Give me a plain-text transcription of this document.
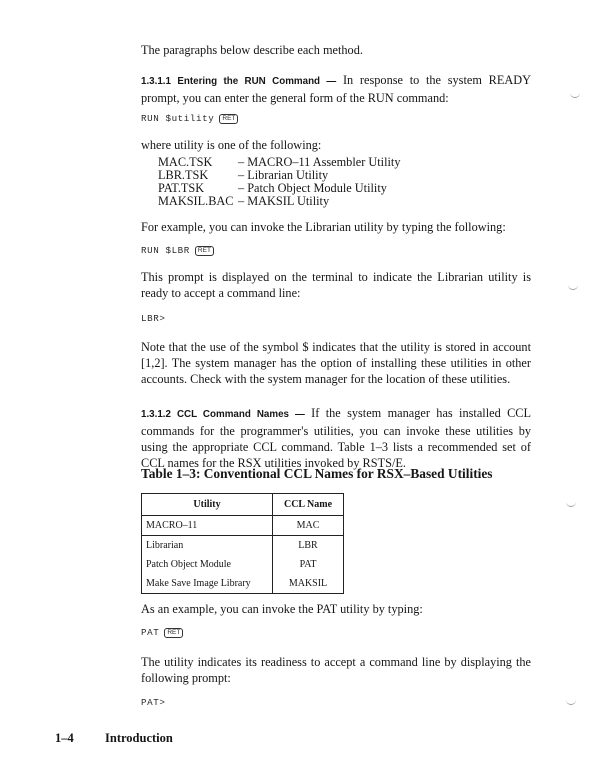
The paragraphs below describe each method.
1.3.1.1 Entering the RUN Command — In response to the system READY prompt, you can enter the general form of the RUN command:
RUN $utility RET
where utility is one of the following:
MAC.TSK	– MACRO–11 Assembler Utility
LBR.TSK	– Librarian Utility
PAT.TSK	– Patch Object Module Utility
MAKSIL.BAC – MAKSIL Utility
For example, you can invoke the Librarian utility by typing the following:
RUN $LBR RET
This prompt is displayed on the terminal to indicate the Librarian utility is ready to accept a command line:
LBR>
Note that the use of the symbol $ indicates that the utility is stored in account [1,2]. The system manager has the option of installing these utilities in other accounts. Check with the system manager for the location of these utilities.
1.3.1.2 CCL Command Names — If the system manager has installed CCL commands for the programmer's utilities, you can invoke these utilities by using the appropriate CCL command. Table 1–3 lists a recommended set of CCL names for the RSX utilities invoked by RSTS/E.
Table 1–3: Conventional CCL Names for RSX–Based Utilities
Utility	CCL Name
MACRO–11	MAC
Librarian	LBR
Patch Object Module	PAT
Make Save Image Library	MAKSIL
As an example, you can invoke the PAT utility by typing:
PAT RET
The utility indicates its readiness to accept a command line by displaying the following prompt:
PAT>
1–4	Introduction
